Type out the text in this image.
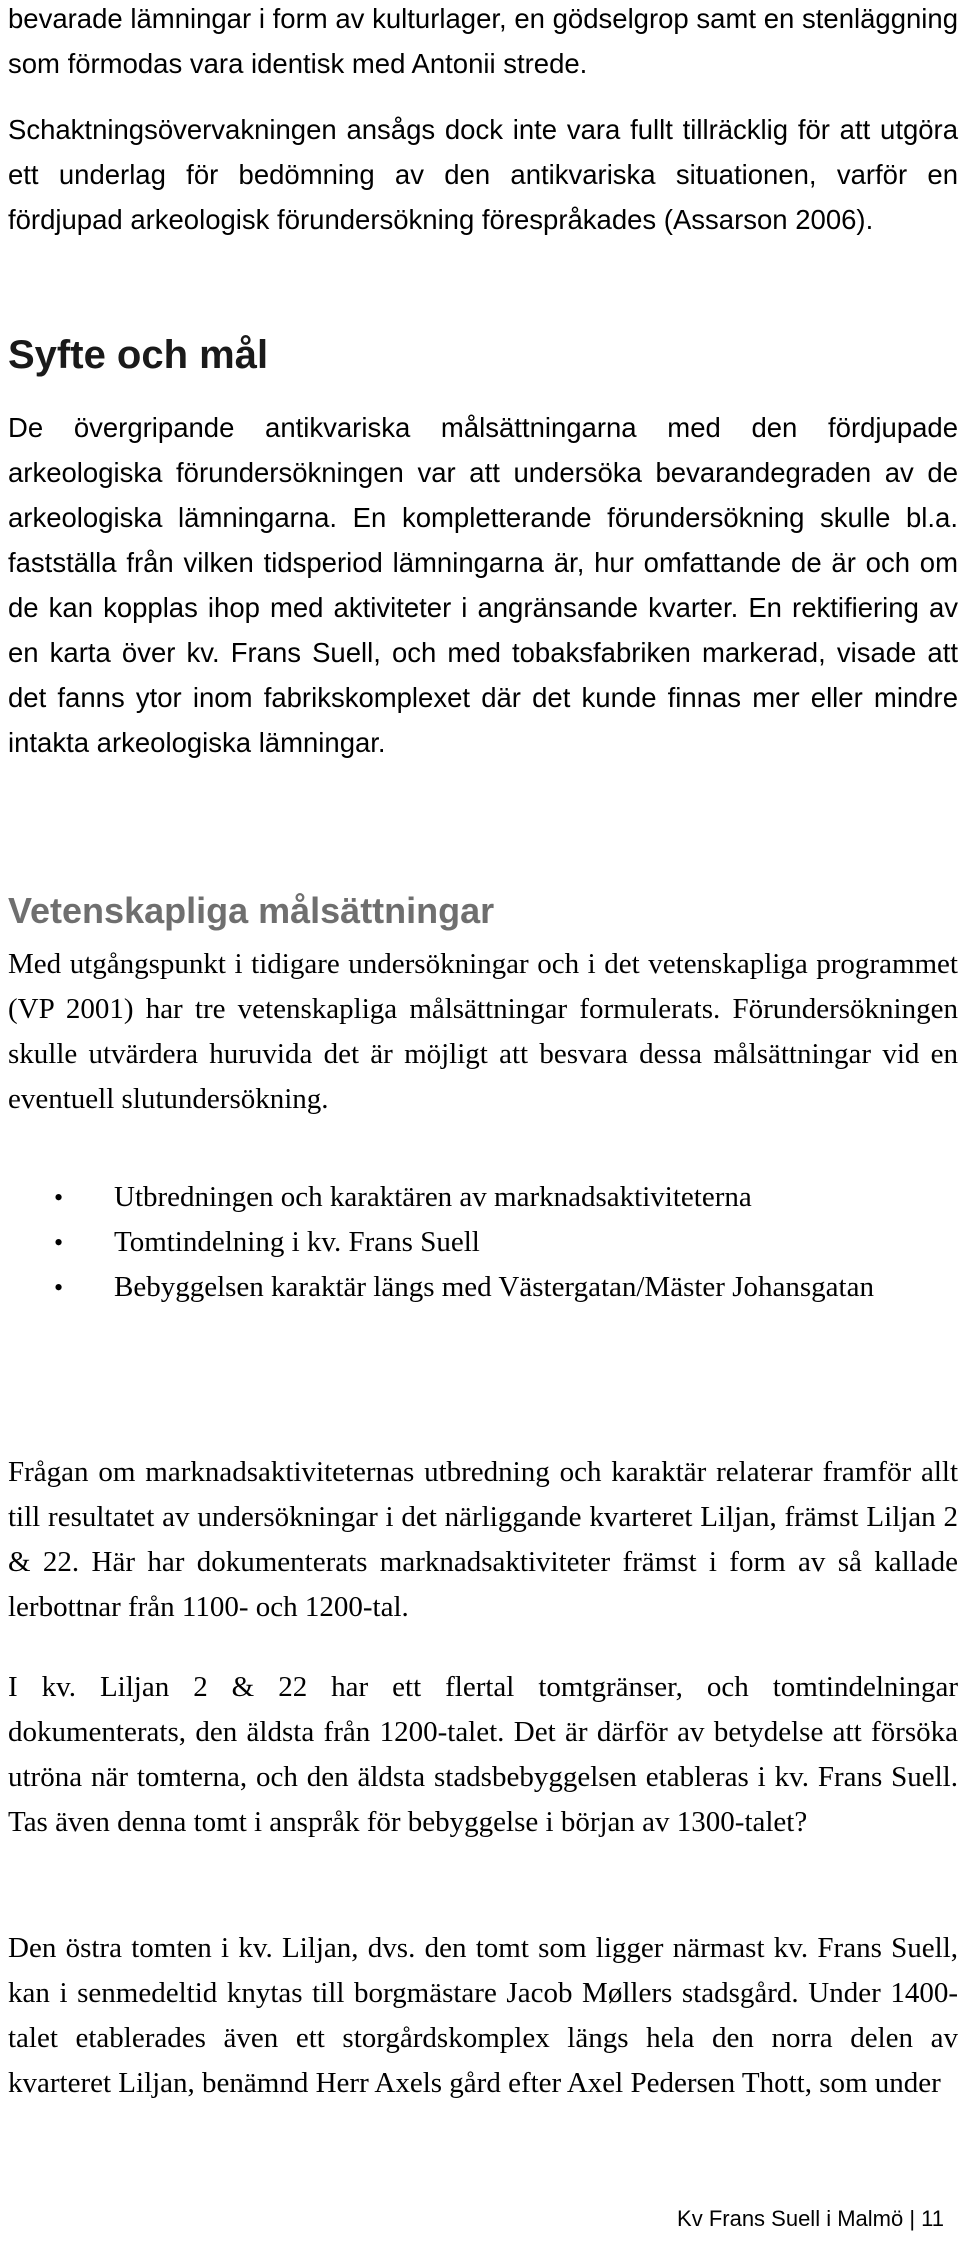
bevarade lämningar i form av kulturlager, en gödselgrop samt en stenläggning som förmodas vara identisk med Antonii strede.

Schaktningsövervakningen ansågs dock inte vara fullt tillräcklig för att utgöra ett underlag för bedömning av den antikvariska situationen, varför en fördjupad arkeologisk förundersökning förespråkades (Assarson 2006).

Syfte och mål

De övergripande antikvariska målsättningarna med den fördjupade arkeologiska förundersökningen var att undersöka bevarandegraden av de arkeologiska lämningarna. En kompletterande förundersökning skulle bl.a. fastställa från vilken tidsperiod lämningarna är, hur omfattande de är och om de kan kopplas ihop med aktiviteter i angränsande kvarter. En rektifiering av en karta över kv. Frans Suell, och med tobaksfabriken markerad, visade att det fanns ytor inom fabrikskomplexet där det kunde finnas mer eller mindre intakta arkeologiska lämningar.

Vetenskapliga målsättningar

Med utgångspunkt i tidigare undersökningar och i det vetenskapliga programmet (VP 2001) har tre vetenskapliga målsättningar formulerats. Förundersökningen skulle utvärdera huruvida det är möjligt att besvara dessa målsättningar vid en eventuell slutundersökning.

• Utbredningen och karaktären av marknadsaktiviteterna
• Tomtindelning i kv. Frans Suell
• Bebyggelsen karaktär längs med Västergatan/Mäster Johansgatan

Frågan om marknadsaktiviteternas utbredning och karaktär relaterar framför allt till resultatet av undersökningar i det närliggande kvarteret Liljan, främst Liljan 2 & 22. Här har dokumenterats marknadsaktiviteter främst i form av så kallade lerbottnar från 1100- och 1200-tal.

I kv. Liljan 2 & 22 har ett flertal tomtgränser, och tomtindelningar dokumenterats, den äldsta från 1200-talet. Det är därför av betydelse att försöka utröna när tomterna, och den äldsta stadsbebyggelsen etableras i kv. Frans Suell. Tas även denna tomt i anspråk för bebyggelse i början av 1300-talet?

Den östra tomten i kv. Liljan, dvs. den tomt som ligger närmast kv. Frans Suell, kan i senmedeltid knytas till borgmästare Jacob Møllers stadsgård. Under 1400-talet etablerades även ett storgårdskomplex längs hela den norra delen av kvarteret Liljan, benämnd Herr Axels gård efter Axel Pedersen Thott, som under

Kv Frans Suell i Malmö | 11
